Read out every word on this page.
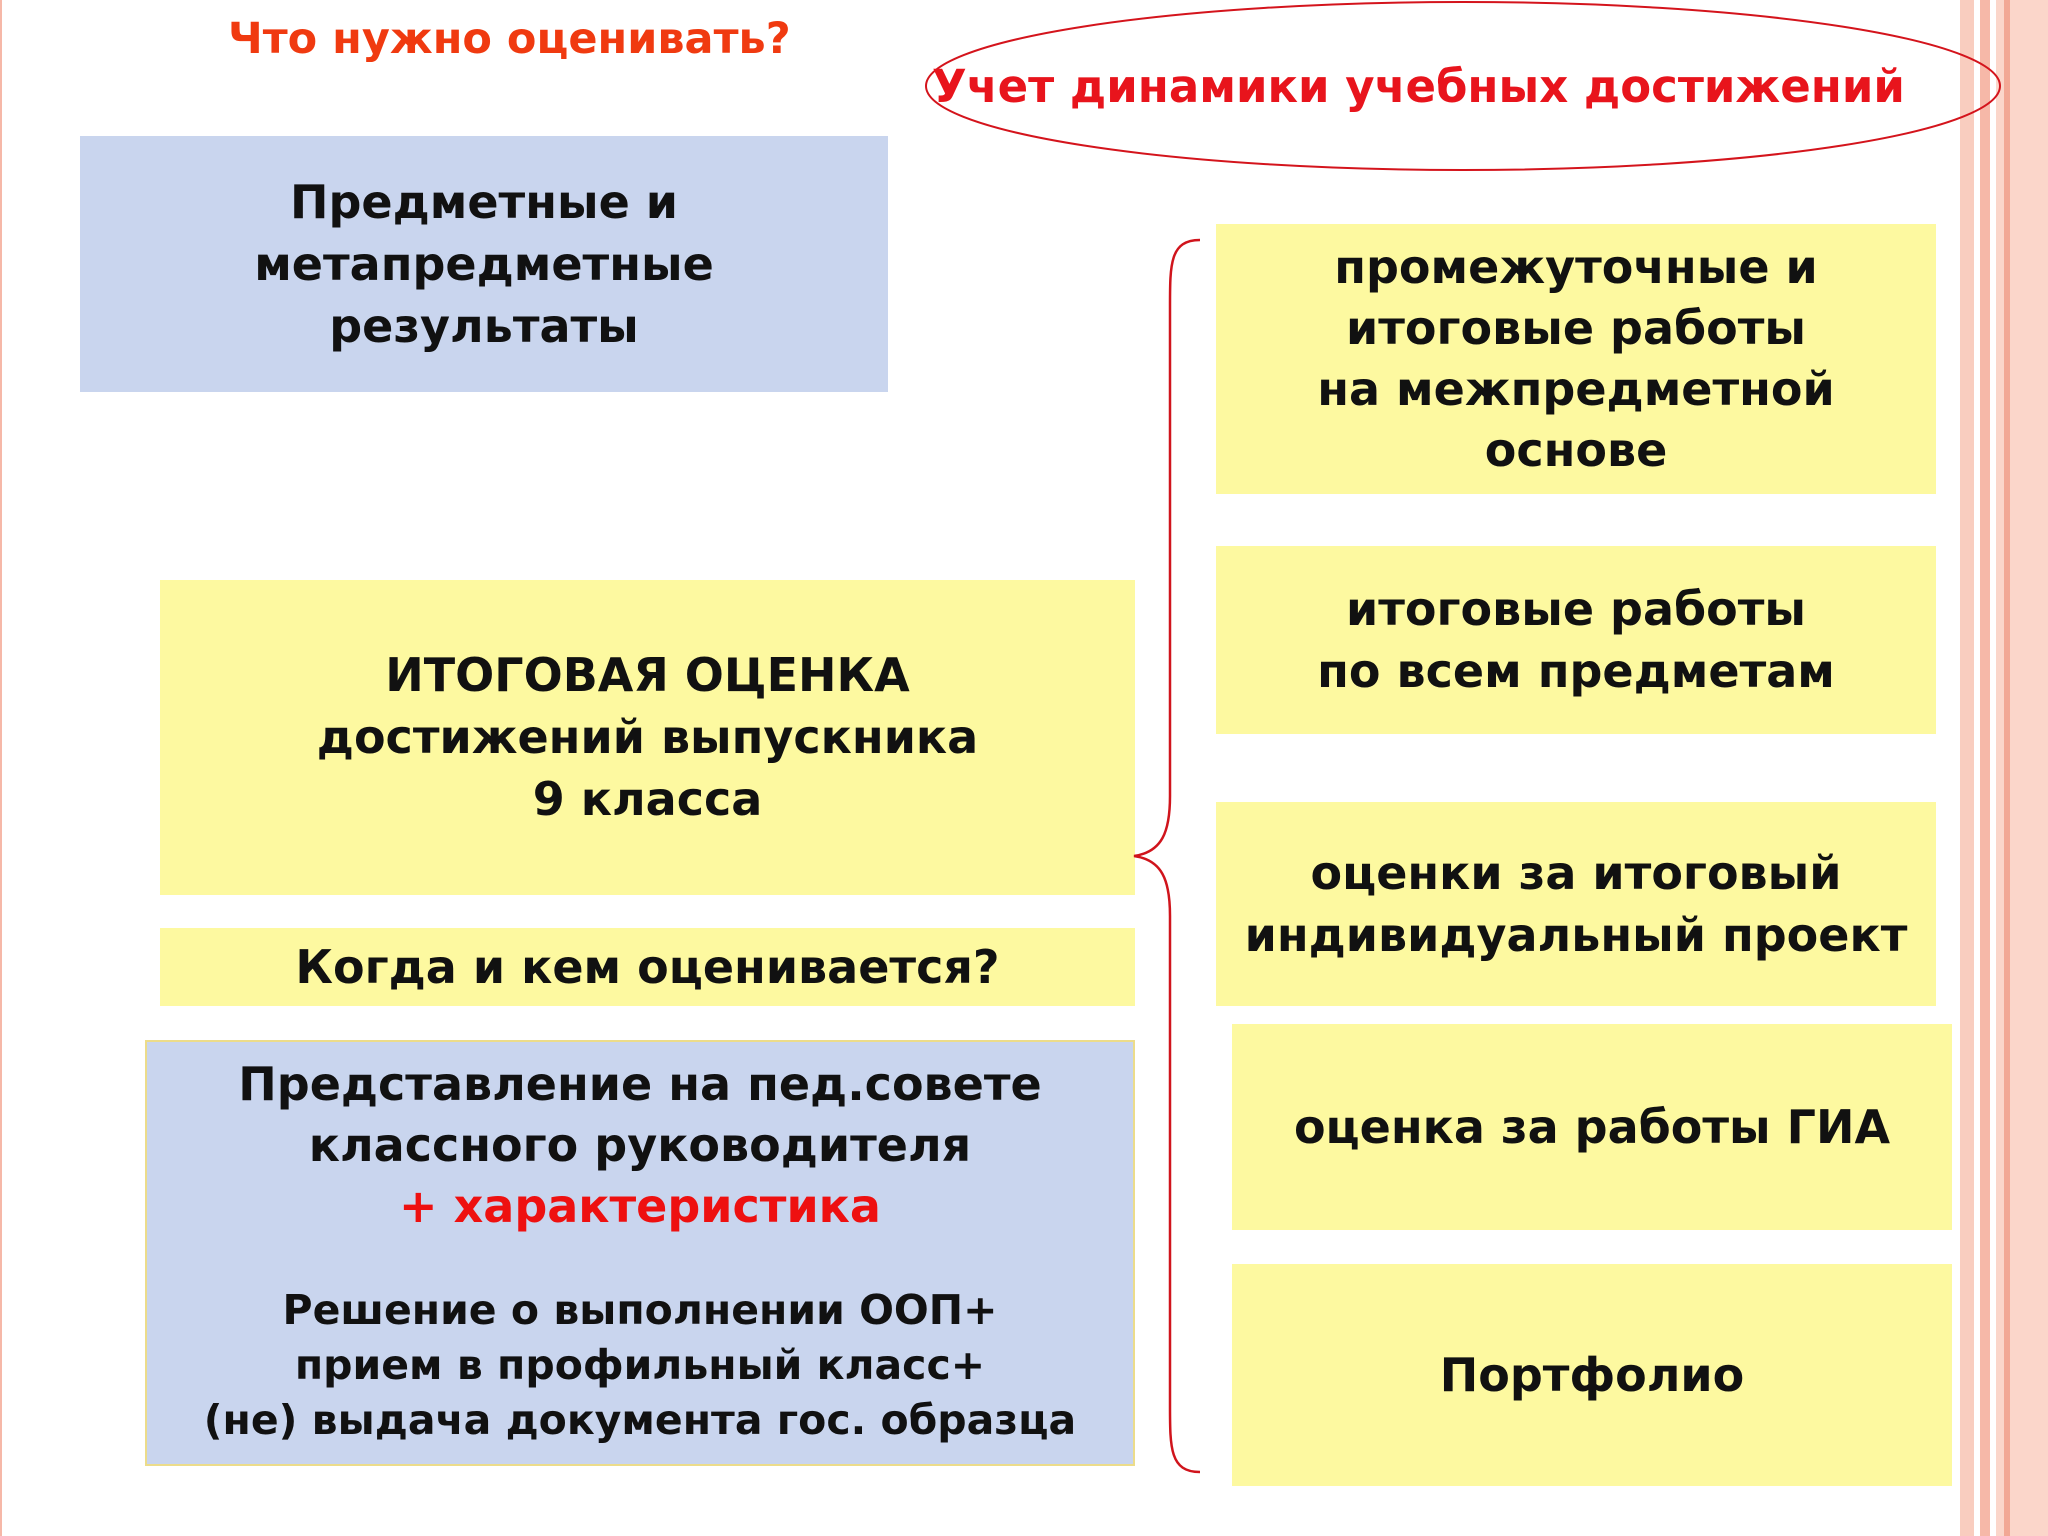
Что нужно оценивать?
Учет динамики учебных достижений
Предметные и
метапредметные
результаты
ИТОГОВАЯ ОЦЕНКА
достижений выпускника
9 класса
Когда и кем оценивается?
Представление на пед.совете
классного руководителя
+ характеристика
Решение о выполнении ООП+
прием в профильный класс+
(не) выдача документа гос. образца
промежуточные и
итоговые работы
на межпредметной
основе
итоговые работы
по всем предметам
оценки за итоговый
индивидуальный проект
оценка за работы ГИА
Портфолио
